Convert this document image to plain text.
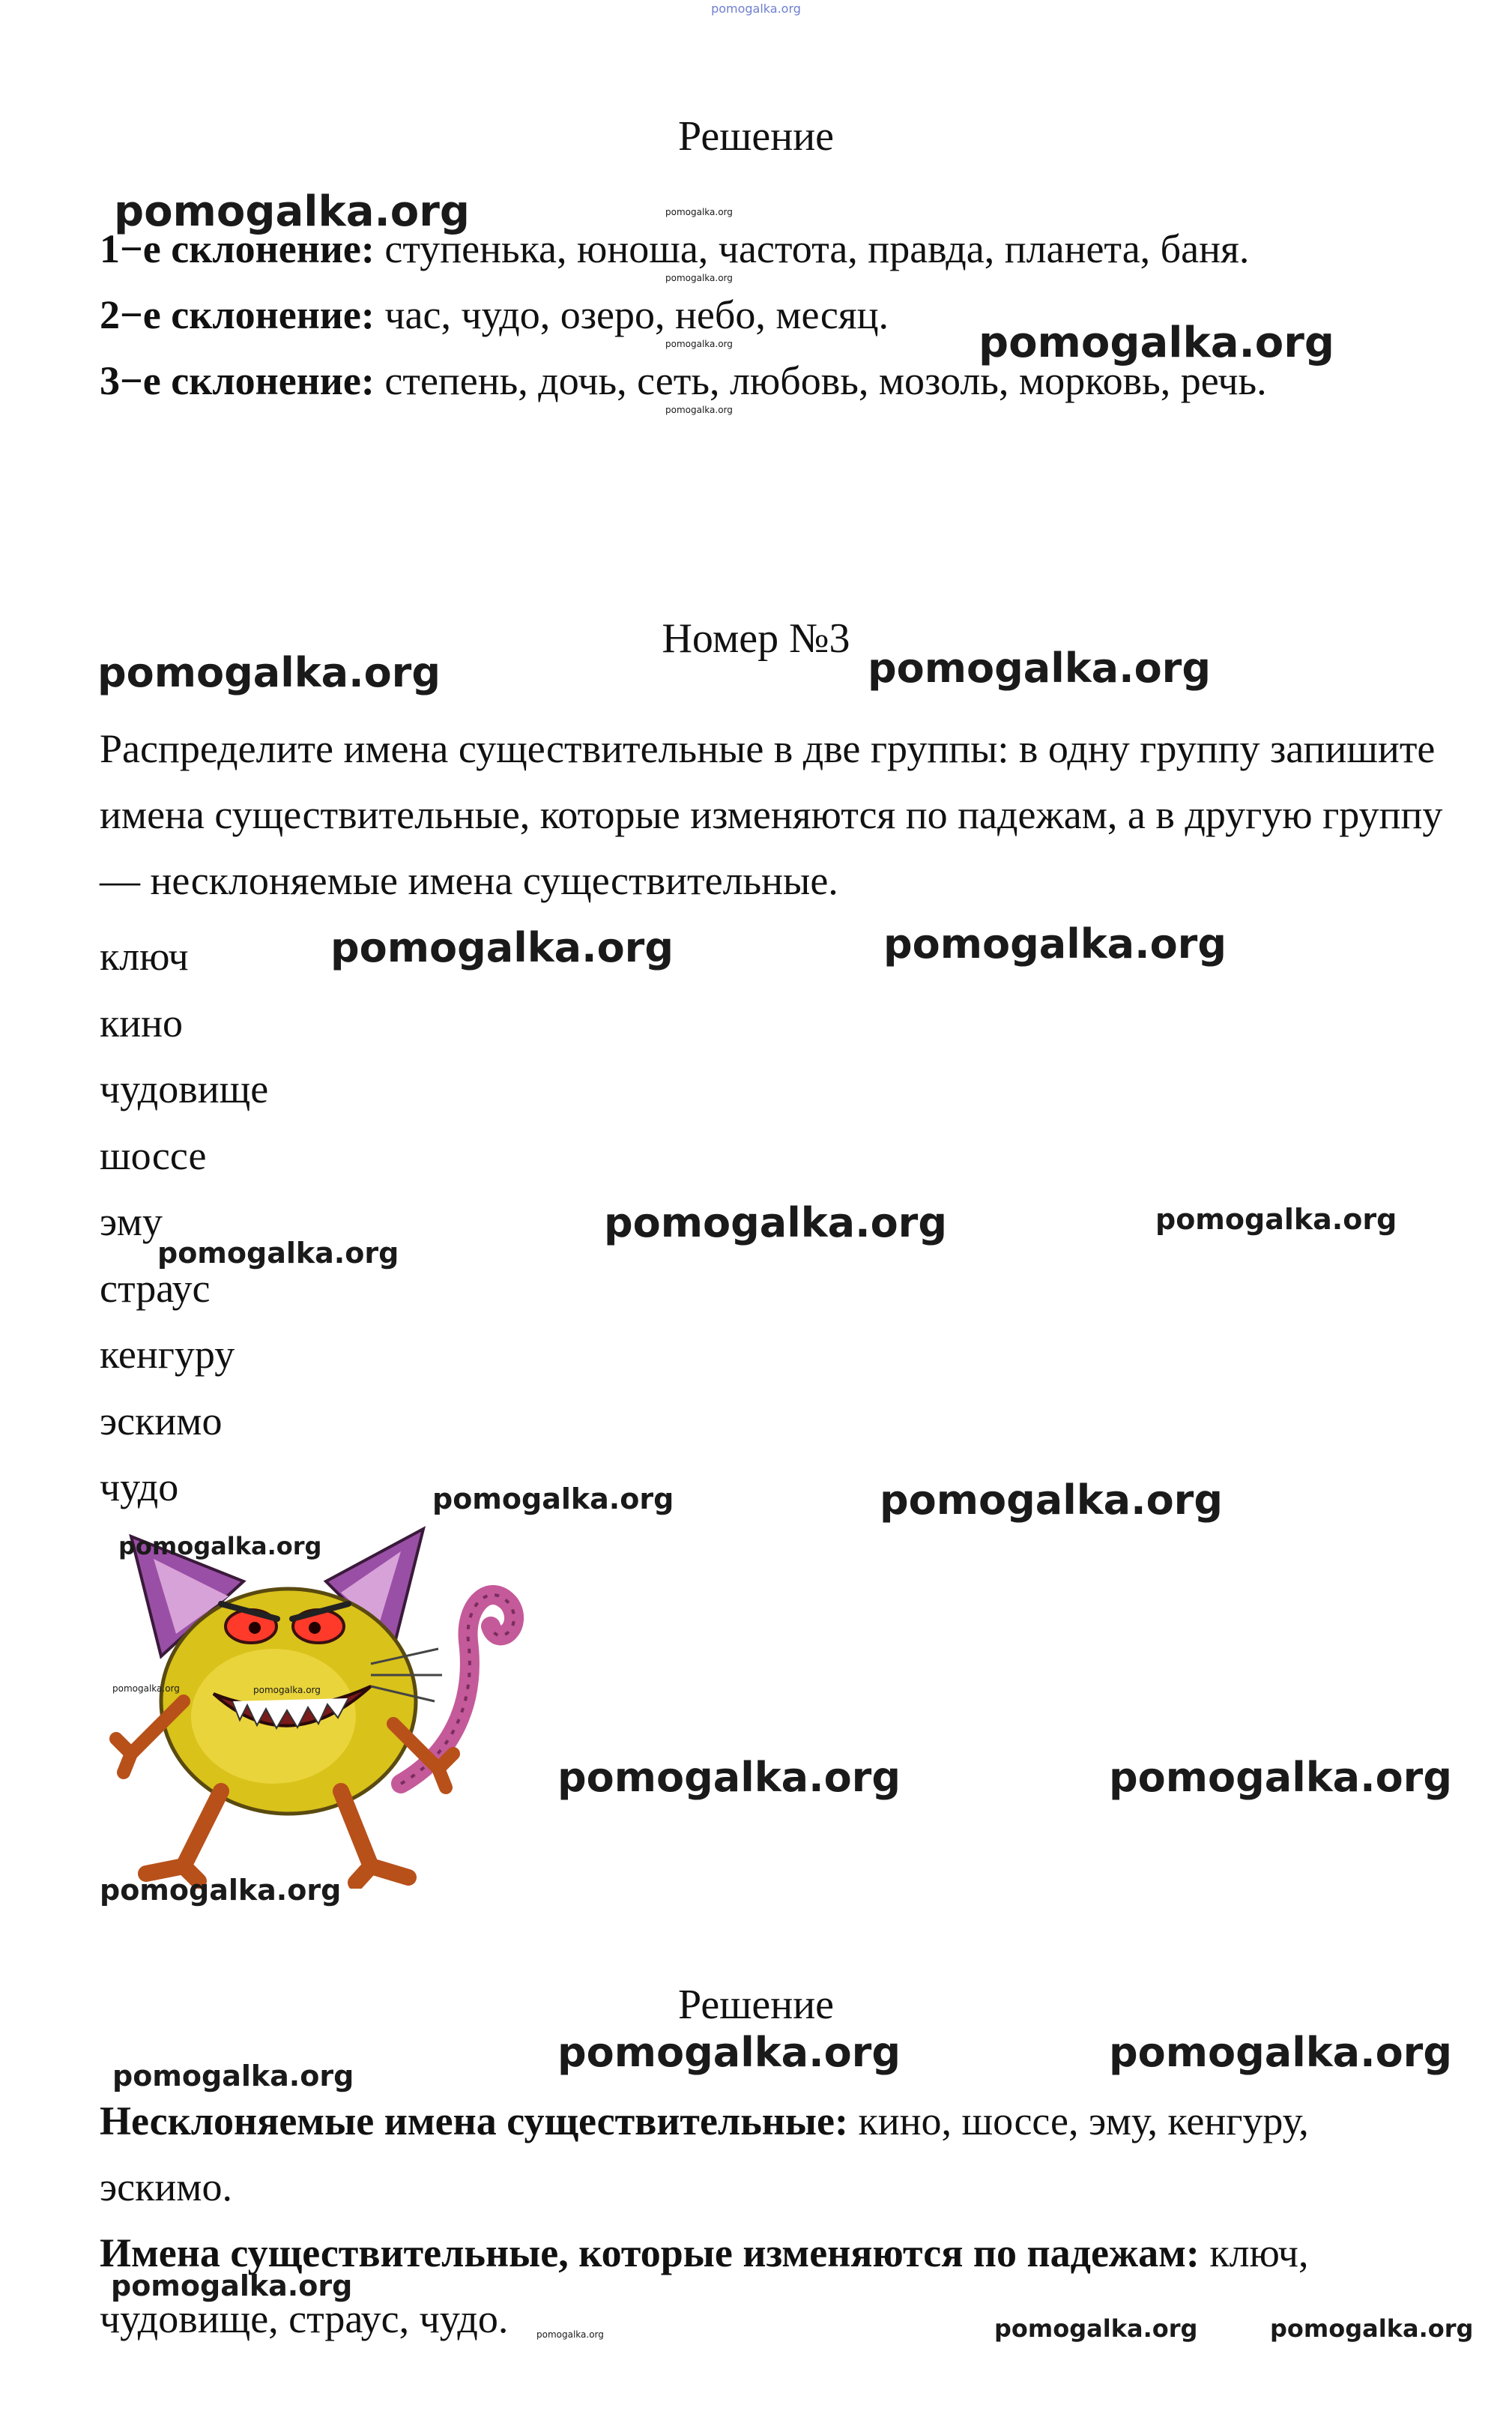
pomogalka.org
Решение
1−е склонение: ступенька, юноша, частота, правда, планета, баня.
2−е склонение: час, чудо, озеро, небо, месяц.
3−е склонение: степень, дочь, сеть, любовь, мозоль, морковь, речь.
Номер №3

Распределите имена существительные в две группы: в одну группу запишите имена существительные, которые изменяются по падежам, а в другую группу — несклоняемые имена существительные.

ключ
кино
чудовище
шоссе
эму
страус
кенгуру
эскимо
чудо
Решение

Несклоняемые имена существительные: кино, шоссе, эму, кенгуру, эскимо.

Имена существительные, которые изменяются по падежам: ключ, чудовище, страус, чудо.

pomogalka.org	pomogalka.org
pomogalka.org
pomogalka.org
pomogalka.org
pomogalka.org
pomogalka.org	pomogalka.org
pomogalka.org	pomogalka.org
pomogalka.org	pomogalka.org
pomogalka.org
pomogalka.org	pomogalka.org
pomogalka.org
pomogalka.org	pomogalka.org
pomogalka.org	pomogalka.org
pomogalka.org
pomogalka.org	pomogalka.org
pomogalka.org
pomogalka.org
pomogalka.org	pomogalka.org	pomogalka.org
